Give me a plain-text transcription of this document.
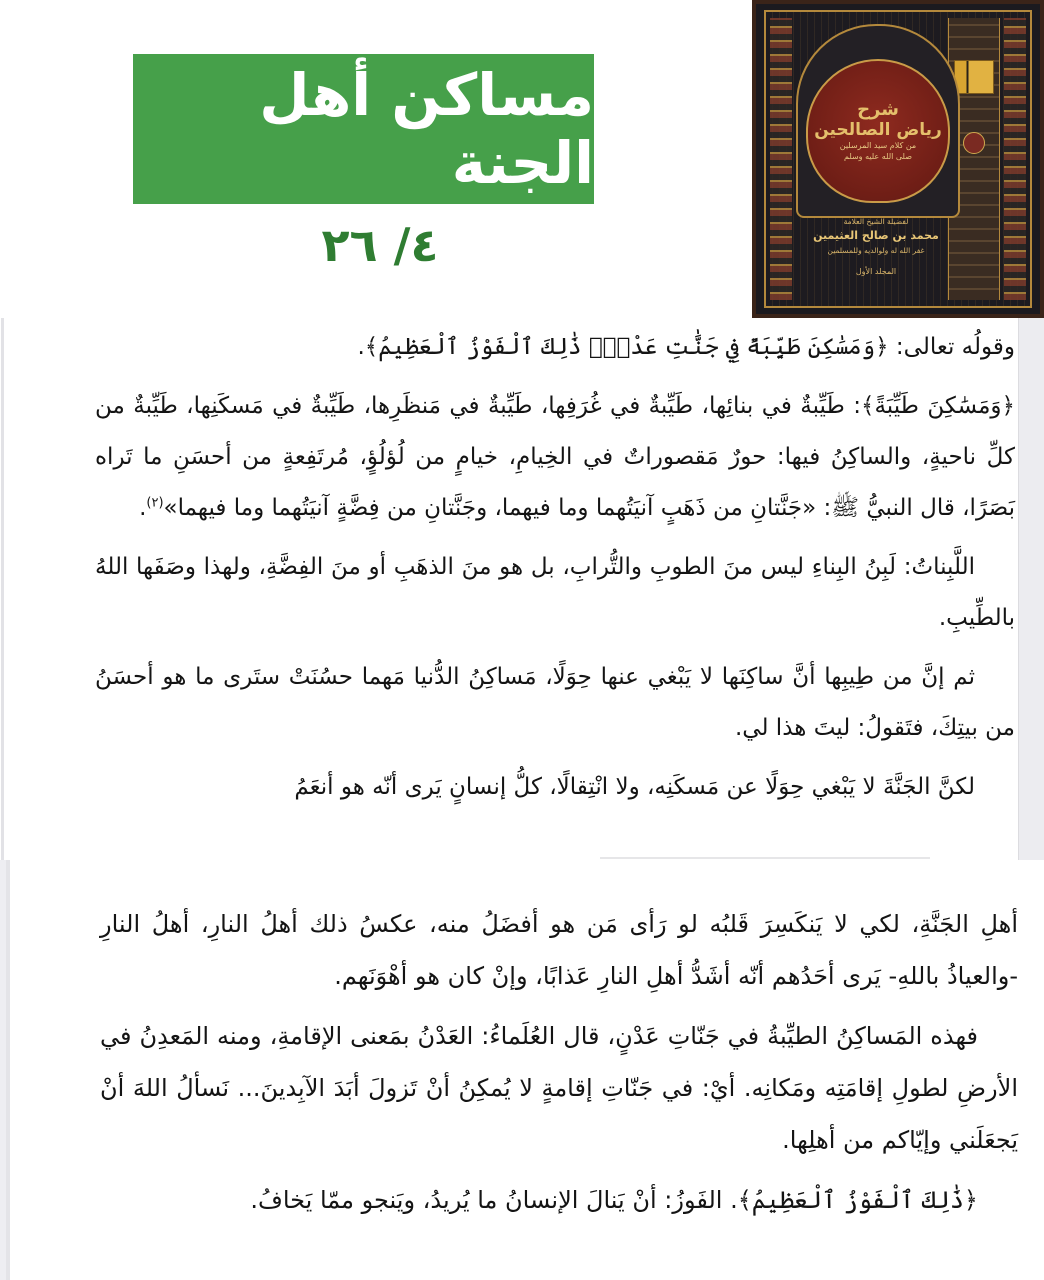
مساكن أهل الجنة
٤/ ٢٦
شرح
رياض الصالحين
من كلام سيد المرسلين
صلى الله عليه وسلم
لفضيلة الشيخ العلامة
محمد بن صالح العثيمين
غفر الله له ولوالديه وللمسلمين
المجلد الأول

وقولُه تعالى: ﴿وَمَسَٰكِنَ طَيِّبَةً فِي جَنَّٰتِ عَدْنٍۚ ذَٰلِكَ ٱلْفَوْزُ ٱلْعَظِيمُ﴾.

﴿وَمَسَٰكِنَ طَيِّبَةً﴾: طَيِّبةٌ في بنائِها، طَيِّبةٌ في غُرَفِها، طَيِّبةٌ في مَنظَرِها، طَيِّبةٌ في مَسكَنِها، طَيِّبةٌ من كلِّ ناحيةٍ، والساكِنُ فيها: حورٌ مَقصوراتٌ في الخِيامِ، خيامٍ من لُؤلُؤٍ، مُرتَفِعةٍ من أحسَنِ ما تَراه بَصَرًا، قال النبيُّ ﷺ: «جَنَّتانِ من ذَهَبٍ آنيَتُهما وما فيهما، وجَنَّتانِ من فِضَّةٍ آنيَتُهما وما فيهما»$^{(٢)}$.

اللَّبِناتُ: لَبِنُ البِناءِ ليس منَ الطوبِ والتُّرابِ، بل هو منَ الذهَبِ أو منَ الفِضَّةِ، ولهذا وصَفَها اللهُ بالطِّيبِ.

ثم إنَّ من طِيبِها أنَّ ساكِنَها لا يَبْغي عنها حِوَلًا، مَساكِنُ الدُّنيا مَهما حسُنَتْ ستَرى ما هو أحسَنُ من بيتِكَ، فتَقولُ: ليتَ هذا لي.

لكنَّ الجَنَّةَ لا يَبْغي حِوَلًا عن مَسكَنِه، ولا انْتِقالًا، كلُّ إنسانٍ يَرى أنّه هو أنعَمُ

أهلِ الجَنَّةِ، لكي لا يَنكَسِرَ قَلبُه لو رَأى مَن هو أفضَلُ منه، عكسُ ذلك أهلُ النارِ، أهلُ النارِ -والعياذُ باللهِ- يَرى أحَدُهم أنّه أشَدُّ أهلِ النارِ عَذابًا، وإنْ كان هو أهْوَنَهم.

فهذه المَساكِنُ الطيِّبةُ في جَنّاتِ عَدْنٍ، قال العُلَماءُ: العَدْنُ بمَعنى الإقامةِ، ومنه المَعدِنُ في الأرضِ لطولِ إقامَتِه ومَكانِه. أيْ: في جَنّاتِ إقامةٍ لا يُمكِنُ أنْ تَزولَ أبَدَ الآبِدينَ... نَسألُ اللهَ أنْ يَجعَلَني وإيّاكم من أهلِها.

﴿ذَٰلِكَ ٱلْفَوْزُ ٱلْعَظِيمُ﴾. الفَوزُ: أنْ يَنالَ الإنسانُ ما يُريدُ، ويَنجو ممّا يَخافُ.
